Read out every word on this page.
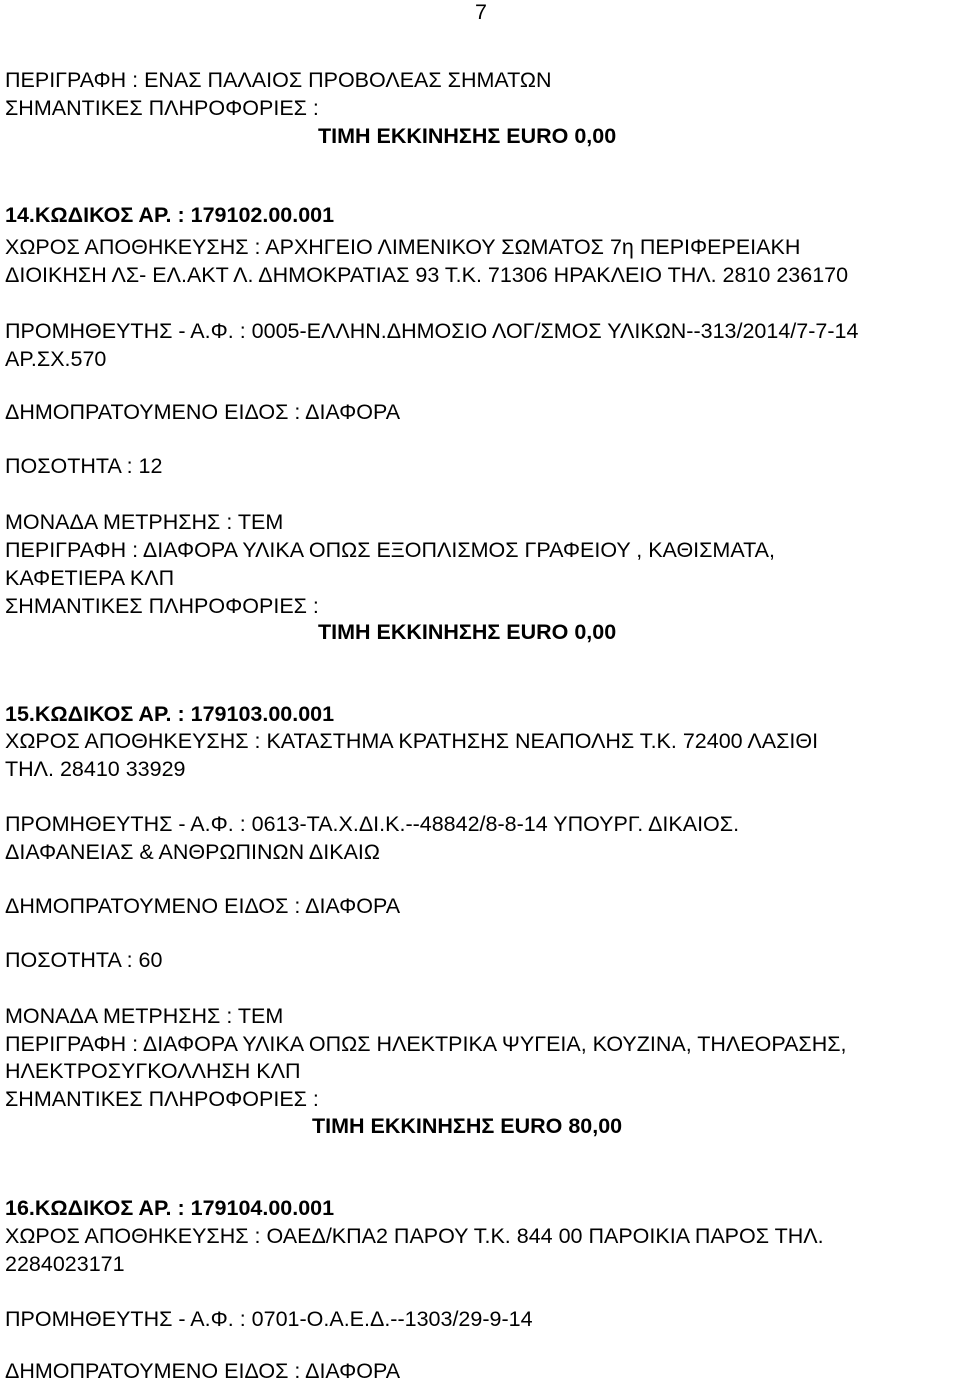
7
ΠΕΡΙΓΡΑΦΗ : ΕΝΑΣ ΠΑΛΑΙΟΣ ΠΡΟΒΟΛΕΑΣ ΣΗΜΑΤΩΝ
ΣΗΜΑΝΤΙΚΕΣ ΠΛΗΡΟΦΟΡΙΕΣ :
ΤΙΜΗ ΕΚΚΙΝΗΣΗΣ EURO 0,00
14.ΚΩΔΙΚΟΣ ΑΡ. : 179102.00.001
ΧΩΡΟΣ ΑΠΟΘΗΚΕΥΣΗΣ : ΑΡΧΗΓΕΙΟ ΛΙΜΕΝΙΚΟΥ ΣΩΜΑΤΟΣ 7η ΠΕΡΙΦΕΡΕΙΑΚΗ
ΔΙΟΙΚΗΣΗ ΛΣ- ΕΛ.ΑΚΤ Λ. ΔΗΜΟΚΡΑΤΙΑΣ 93 Τ.Κ. 71306 ΗΡΑΚΛΕΙΟ ΤΗΛ. 2810 236170
ΠΡΟΜΗΘΕΥΤΗΣ - Α.Φ. : 0005-ΕΛΛΗΝ.ΔΗΜΟΣΙΟ ΛΟΓ/ΣΜΟΣ ΥΛΙΚΩΝ--313/2014/7-7-14
ΑΡ.ΣΧ.570
ΔΗΜΟΠΡΑΤΟΥΜΕΝΟ ΕΙΔΟΣ : ΔΙΑΦΟΡΑ
ΠΟΣΟΤΗΤΑ : 12
ΜΟΝΑΔΑ ΜΕΤΡΗΣΗΣ : ΤΕΜ
ΠΕΡΙΓΡΑΦΗ : ΔΙΑΦΟΡΑ ΥΛΙΚΑ ΟΠΩΣ ΕΞΟΠΛΙΣΜΟΣ ΓΡΑΦΕΙΟΥ , ΚΑΘΙΣΜΑΤΑ,
ΚΑΦΕΤΙΕΡΑ ΚΛΠ
ΣΗΜΑΝΤΙΚΕΣ ΠΛΗΡΟΦΟΡΙΕΣ :
ΤΙΜΗ ΕΚΚΙΝΗΣΗΣ EURO 0,00
15.ΚΩΔΙΚΟΣ ΑΡ. : 179103.00.001
ΧΩΡΟΣ ΑΠΟΘΗΚΕΥΣΗΣ : ΚΑΤΑΣΤΗΜΑ ΚΡΑΤΗΣΗΣ ΝΕΑΠΟΛΗΣ Τ.Κ. 72400 ΛΑΣΙΘΙ
ΤΗΛ. 28410 33929
ΠΡΟΜΗΘΕΥΤΗΣ - Α.Φ. : 0613-ΤΑ.Χ.ΔΙ.Κ.--48842/8-8-14 ΥΠΟΥΡΓ. ΔΙΚΑΙΟΣ.
ΔΙΑΦΑΝΕΙΑΣ & ΑΝΘΡΩΠΙΝΩΝ ΔΙΚΑΙΩ
ΔΗΜΟΠΡΑΤΟΥΜΕΝΟ ΕΙΔΟΣ : ΔΙΑΦΟΡΑ
ΠΟΣΟΤΗΤΑ : 60
ΜΟΝΑΔΑ ΜΕΤΡΗΣΗΣ : ΤΕΜ
ΠΕΡΙΓΡΑΦΗ : ΔΙΑΦΟΡΑ ΥΛΙΚΑ ΟΠΩΣ ΗΛΕΚΤΡΙΚΑ ΨΥΓΕΙΑ, ΚΟΥΖΙΝΑ, ΤΗΛΕΟΡΑΣΗΣ,
ΗΛΕΚΤΡΟΣΥΓΚΟΛΛΗΣΗ ΚΛΠ
ΣΗΜΑΝΤΙΚΕΣ ΠΛΗΡΟΦΟΡΙΕΣ :
ΤΙΜΗ ΕΚΚΙΝΗΣΗΣ EURO 80,00
16.ΚΩΔΙΚΟΣ ΑΡ. : 179104.00.001
ΧΩΡΟΣ ΑΠΟΘΗΚΕΥΣΗΣ : ΟΑΕΔ/ΚΠΑ2 ΠΑΡΟΥ Τ.Κ. 844 00 ΠΑΡΟΙΚΙΑ ΠΑΡΟΣ ΤΗΛ.
2284023171
ΠΡΟΜΗΘΕΥΤΗΣ - Α.Φ. : 0701-Ο.Α.Ε.Δ.--1303/29-9-14
ΔΗΜΟΠΡΑΤΟΥΜΕΝΟ ΕΙΔΟΣ : ΔΙΑΦΟΡΑ
